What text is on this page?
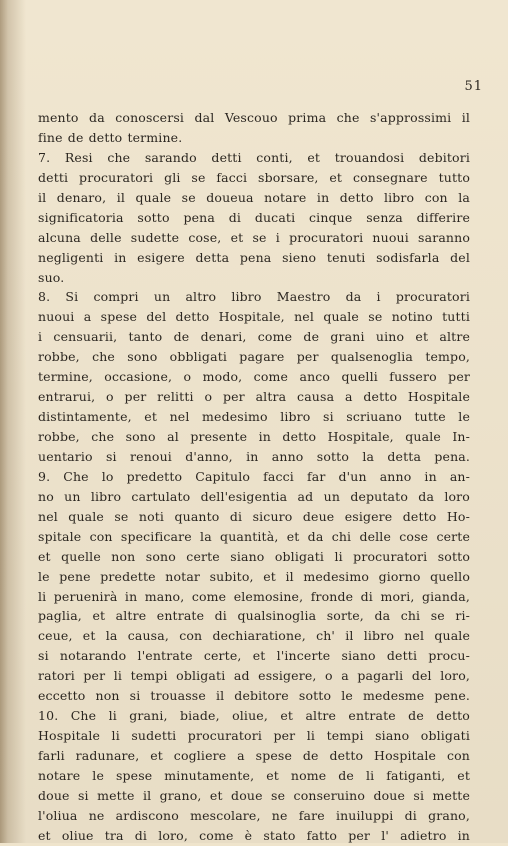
51
mento da conoscersi dal Vescouo prima che s'approssimi il
fine de detto termine.
7. Resi che sarando detti conti, et trouandosi debitori
detti procuratori gli se facci sborsare, et consegnare tutto
il denaro, il quale se doueua notare in detto libro con la
significatoria sotto pena di ducati cinque senza differire
alcuna delle sudette cose, et se i procuratori nuoui saranno
negligenti in esigere detta pena sieno tenuti sodisfarla del
suo.
8. Si compri un altro libro Maestro da i procuratori
nuoui a spese del detto Hospitale, nel quale se notino tutti
i censuarii, tanto de denari, come de grani uino et altre
robbe, che sono obbligati pagare per qualsenoglia tempo,
termine, occasione, o modo, come anco quelli fussero per
entrarui, o per relitti o per altra causa a detto Hospitale
distintamente, et nel medesimo libro si scriuano tutte le
robbe, che sono al presente in detto Hospitale, quale In-
uentario si renoui d'anno, in anno sotto la detta pena.
9. Che lo predetto Capitulo facci far d'un anno in an-
no un libro cartulato dell'esigentia ad un deputato da loro
nel quale se noti quanto di sicuro deue esigere detto Ho-
spitale con specificare la quantità, et da chi delle cose certe
et quelle non sono certe siano obligati li procuratori sotto
le pene predette notar subito, et il medesimo giorno quello
li peruenirà in mano, come elemosine, fronde di mori, gianda,
paglia, et altre entrate di qualsinoglia sorte, da chi se ri-
ceue, et la causa, con dechiaratione, ch' il libro nel quale
si notarando l'entrate certe, et l'incerte siano detti procu-
ratori per li tempi obligati ad essigere, o a pagarli del loro,
eccetto non si trouasse il debitore sotto le medesme pene.
10. Che li grani, biade, oliue, et altre entrate de detto
Hospitale li sudetti procuratori per li tempi siano obligati
farli radunare, et cogliere a spese de detto Hospitale con
notare le spese minutamente, et nome de li fatiganti, et
doue si mette il grano, et doue se conseruino doue si mette
l'oliua ne ardiscono mescolare, ne fare inuiluppi di grano,
et oliue tra di loro, come è stato fatto per l' adietro in
